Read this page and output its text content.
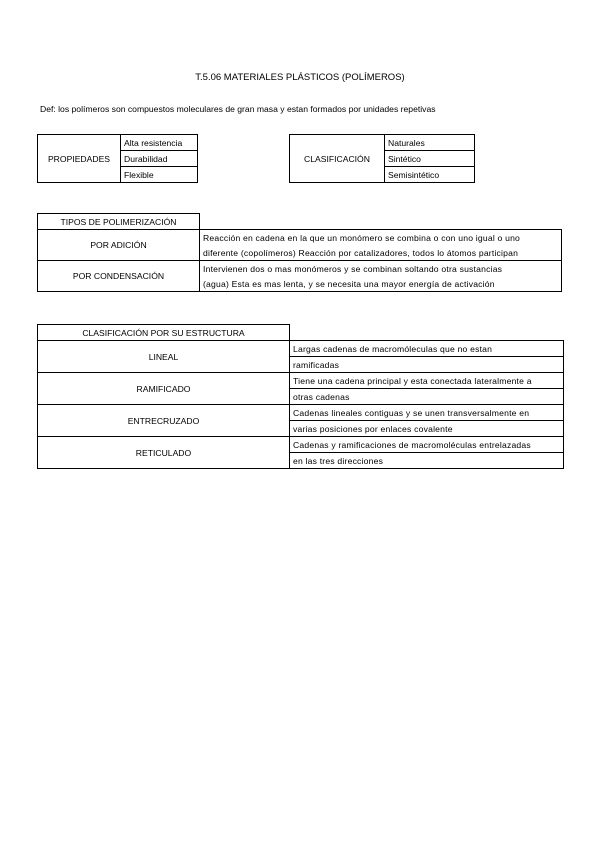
T.5.06 MATERIALES PLÁSTICOS (POLÍMEROS)
Def: los polímeros son compuestos moleculares de gran masa y estan formados por unidades repetivas
PROPIEDADES	Alta resistencia
Durabilidad
Flexible
CLASIFICACIÓN	Naturales
Sintético
Semisintético
TIPOS DE POLIMERIZACIÓN	
POR ADICIÓN	Reacción en cadena en la que un monómero se combina o con uno igual o uno
	diferente (copolímeros) Reacción por catalizadores, todos lo átomos participan
POR CONDENSACIÓN	Intervienen dos o mas monómeros y se combinan soltando otra sustancias
	(agua) Esta es mas lenta, y se necesita una mayor energía de activación
CLASIFICACIÓN POR SU ESTRUCTURA	
LINEAL	Largas cadenas de macromóleculas que no estan
	ramificadas
RAMIFICADO	Tiene una cadena principal y esta conectada lateralmente a
	otras cadenas
ENTRECRUZADO	Cadenas lineales contiguas y se unen transversalmente en
	varias posiciones por enlaces covalente
RETICULADO	Cadenas y ramificaciones de macromoléculas entrelazadas
	en las tres direcciones
